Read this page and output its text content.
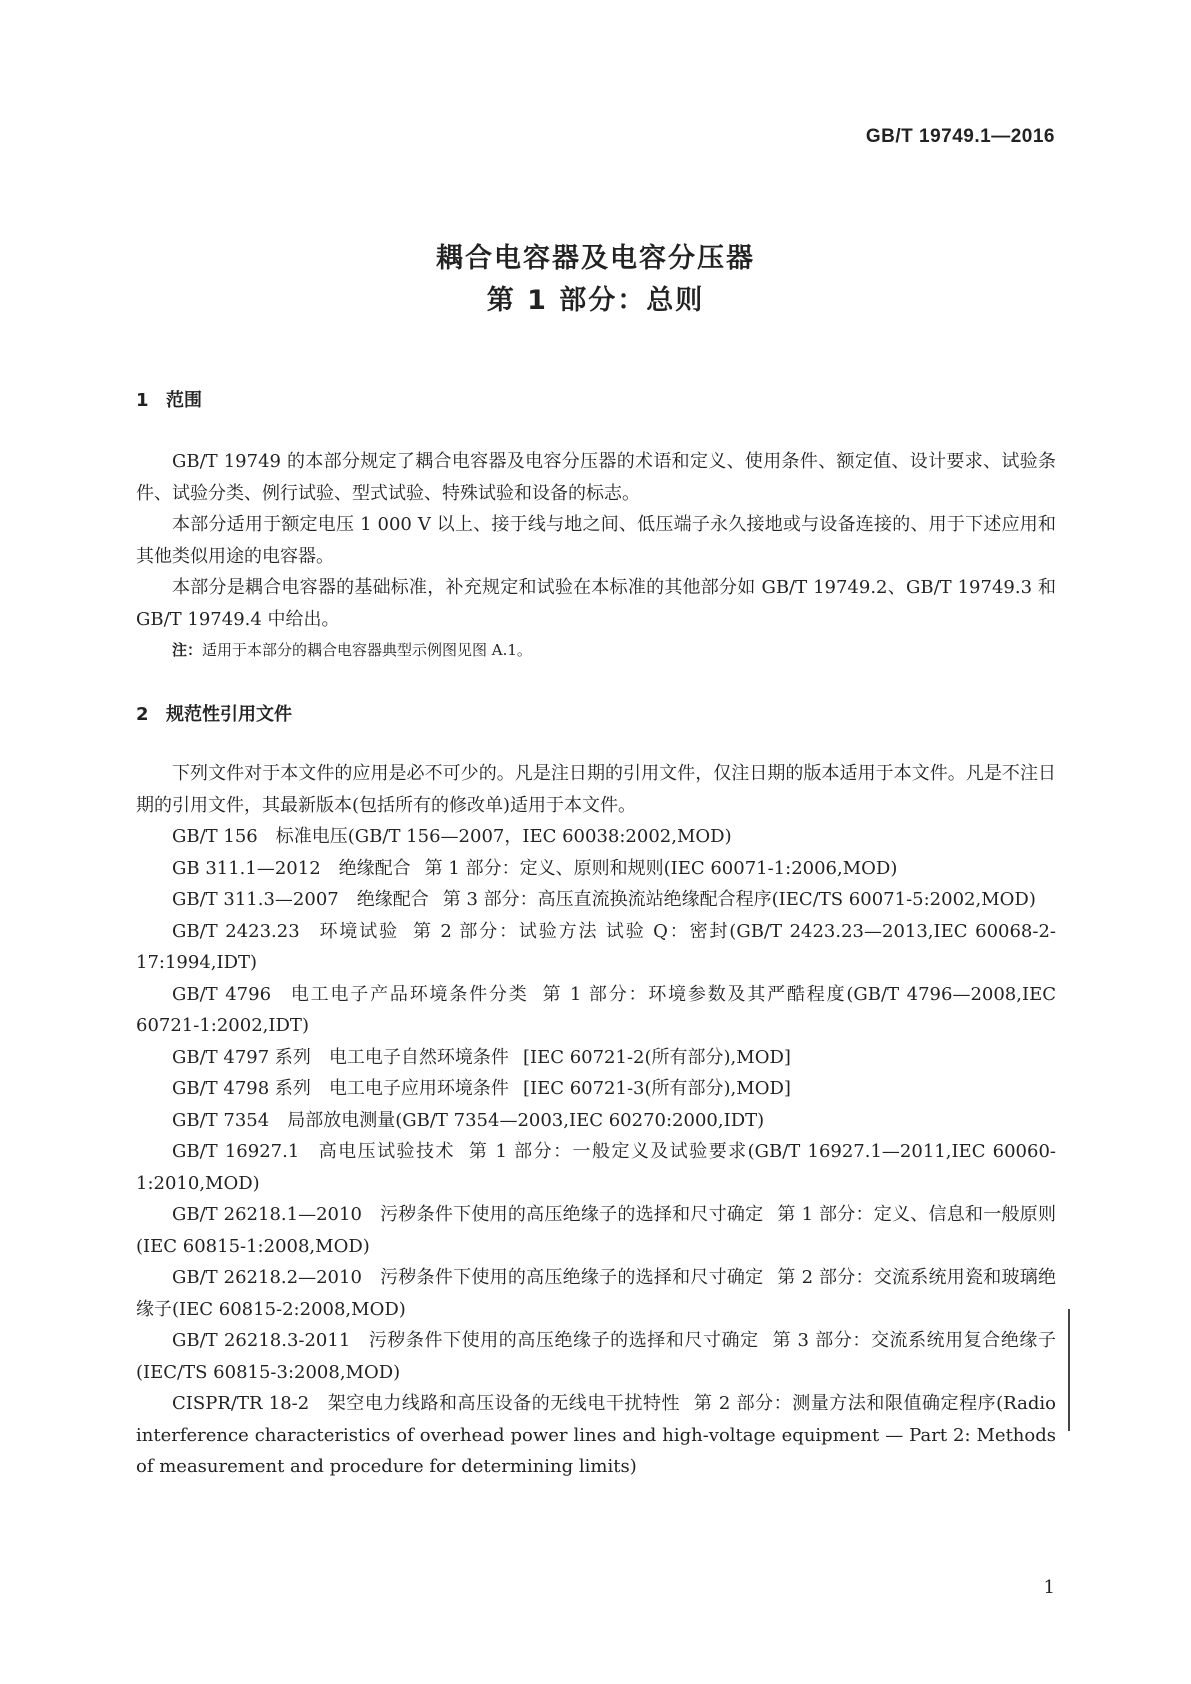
GB/T 19749.1—2016
耦合电容器及电容分压器
第 1 部分：总则
1 范围

GB/T 19749 的本部分规定了耦合电容器及电容分压器的术语和定义、使用条件、额定值、设计要求、试验条件、试验分类、例行试验、型式试验、特殊试验和设备的标志。

本部分适用于额定电压 1 000 V 以上、接于线与地之间、低压端子永久接地或与设备连接的、用于下述应用和其他类似用途的电容器。

本部分是耦合电容器的基础标准，补充规定和试验在本标准的其他部分如 GB/T 19749.2、GB/T 19749.3 和 GB/T 19749.4 中给出。

注：适用于本部分的耦合电容器典型示例图见图 A.1。

2 规范性引用文件

下列文件对于本文件的应用是必不可少的。凡是注日期的引用文件，仅注日期的版本适用于本文件。凡是不注日期的引用文件，其最新版本(包括所有的修改单)适用于本文件。

GB/T 156 标准电压(GB/T 156—2007，IEC 60038:2002,MOD)

GB 311.1—2012 绝缘配合 第 1 部分：定义、原则和规则(IEC 60071-1:2006,MOD)

GB/T 311.3—2007 绝缘配合 第 3 部分：高压直流换流站绝缘配合程序(IEC/TS 60071-5:2002,MOD)

GB/T 2423.23 环境试验 第 2 部分：试验方法 试验 Q：密封(GB/T 2423.23—2013,IEC 60068-2-17:1994,IDT)

GB/T 4796 电工电子产品环境条件分类 第 1 部分：环境参数及其严酷程度(GB/T 4796—2008,IEC 60721-1:2002,IDT)

GB/T 4797 系列 电工电子自然环境条件 [IEC 60721-2(所有部分),MOD]

GB/T 4798 系列 电工电子应用环境条件 [IEC 60721-3(所有部分),MOD]

GB/T 7354 局部放电测量(GB/T 7354—2003,IEC 60270:2000,IDT)

GB/T 16927.1 高电压试验技术 第 1 部分：一般定义及试验要求(GB/T 16927.1—2011,IEC 60060-1:2010,MOD)

GB/T 26218.1—2010 污秽条件下使用的高压绝缘子的选择和尺寸确定 第 1 部分：定义、信息和一般原则(IEC 60815-1:2008,MOD)

GB/T 26218.2—2010 污秽条件下使用的高压绝缘子的选择和尺寸确定 第 2 部分：交流系统用瓷和玻璃绝缘子(IEC 60815-2:2008,MOD)

GB/T 26218.3-2011 污秽条件下使用的高压绝缘子的选择和尺寸确定 第 3 部分：交流系统用复合绝缘子 (IEC/TS 60815-3:2008,MOD)

CISPR/TR 18-2 架空电力线路和高压设备的无线电干扰特性 第 2 部分：测量方法和限值确定程序(Radio interference characteristics of overhead power lines and high-voltage equipment — Part 2: Methods of measurement and procedure for determining limits)

1
